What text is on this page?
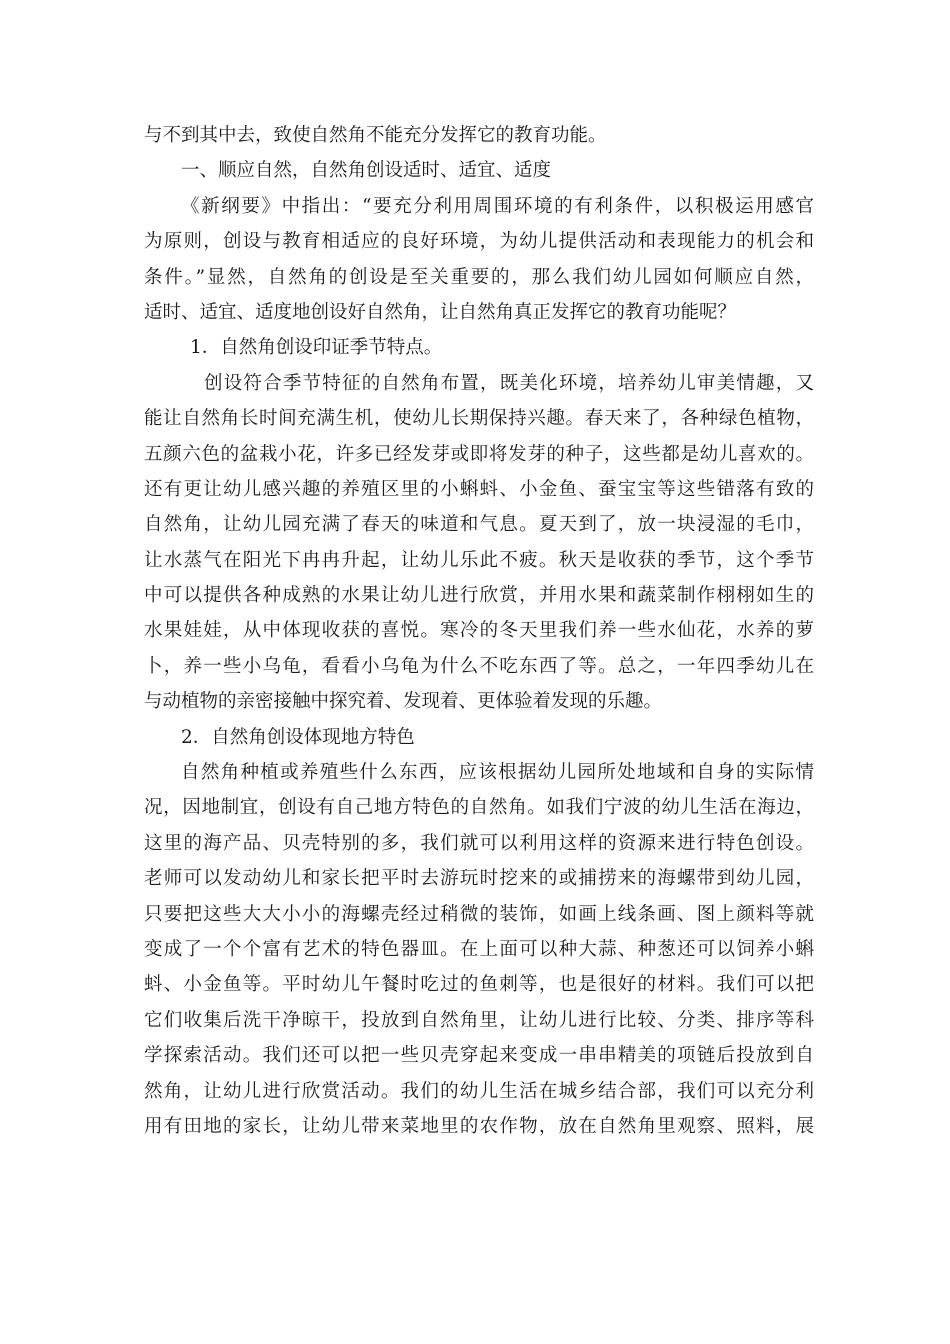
与不到其中去，致使自然角不能充分发挥它的教育功能。
一、顺应自然，自然角创设适时、适宜、适度
《新纲要》中指出：“要充分利用周围环境的有利条件，以积极运用感官
为原则，创设与教育相适应的良好环境，为幼儿提供活动和表现能力的机会和
条件。”显然，自然角的创设是至关重要的，那么我们幼儿园如何顺应自然，
适时、适宜、适度地创设好自然角，让自然角真正发挥它的教育功能呢？
1．自然角创设印证季节特点。
创设符合季节特征的自然角布置，既美化环境，培养幼儿审美情趣，又
能让自然角长时间充满生机，使幼儿长期保持兴趣。春天来了，各种绿色植物，
五颜六色的盆栽小花，许多已经发芽或即将发芽的种子，这些都是幼儿喜欢的。
还有更让幼儿感兴趣的养殖区里的小蝌蚪、小金鱼、蚕宝宝等这些错落有致的
自然角，让幼儿园充满了春天的味道和气息。夏天到了，放一块浸湿的毛巾，
让水蒸气在阳光下冉冉升起，让幼儿乐此不疲。秋天是收获的季节，这个季节
中可以提供各种成熟的水果让幼儿进行欣赏，并用水果和蔬菜制作栩栩如生的
水果娃娃，从中体现收获的喜悦。寒冷的冬天里我们养一些水仙花，水养的萝
卜，养一些小乌龟，看看小乌龟为什么不吃东西了等。总之，一年四季幼儿在
与动植物的亲密接触中探究着、发现着、更体验着发现的乐趣。
2．自然角创设体现地方特色
自然角种植或养殖些什么东西，应该根据幼儿园所处地域和自身的实际情
况，因地制宜，创设有自己地方特色的自然角。如我们宁波的幼儿生活在海边，
这里的海产品、贝壳特别的多，我们就可以利用这样的资源来进行特色创设。
老师可以发动幼儿和家长把平时去游玩时挖来的或捕捞来的海螺带到幼儿园，
只要把这些大大小小的海螺壳经过稍微的装饰，如画上线条画、图上颜料等就
变成了一个个富有艺术的特色器皿。在上面可以种大蒜、种葱还可以饲养小蝌
蚪、小金鱼等。平时幼儿午餐时吃过的鱼刺等，也是很好的材料。我们可以把
它们收集后洗干净晾干，投放到自然角里，让幼儿进行比较、分类、排序等科
学探索活动。我们还可以把一些贝壳穿起来变成一串串精美的项链后投放到自
然角，让幼儿进行欣赏活动。我们的幼儿生活在城乡结合部，我们可以充分利
用有田地的家长，让幼儿带来菜地里的农作物，放在自然角里观察、照料，展
